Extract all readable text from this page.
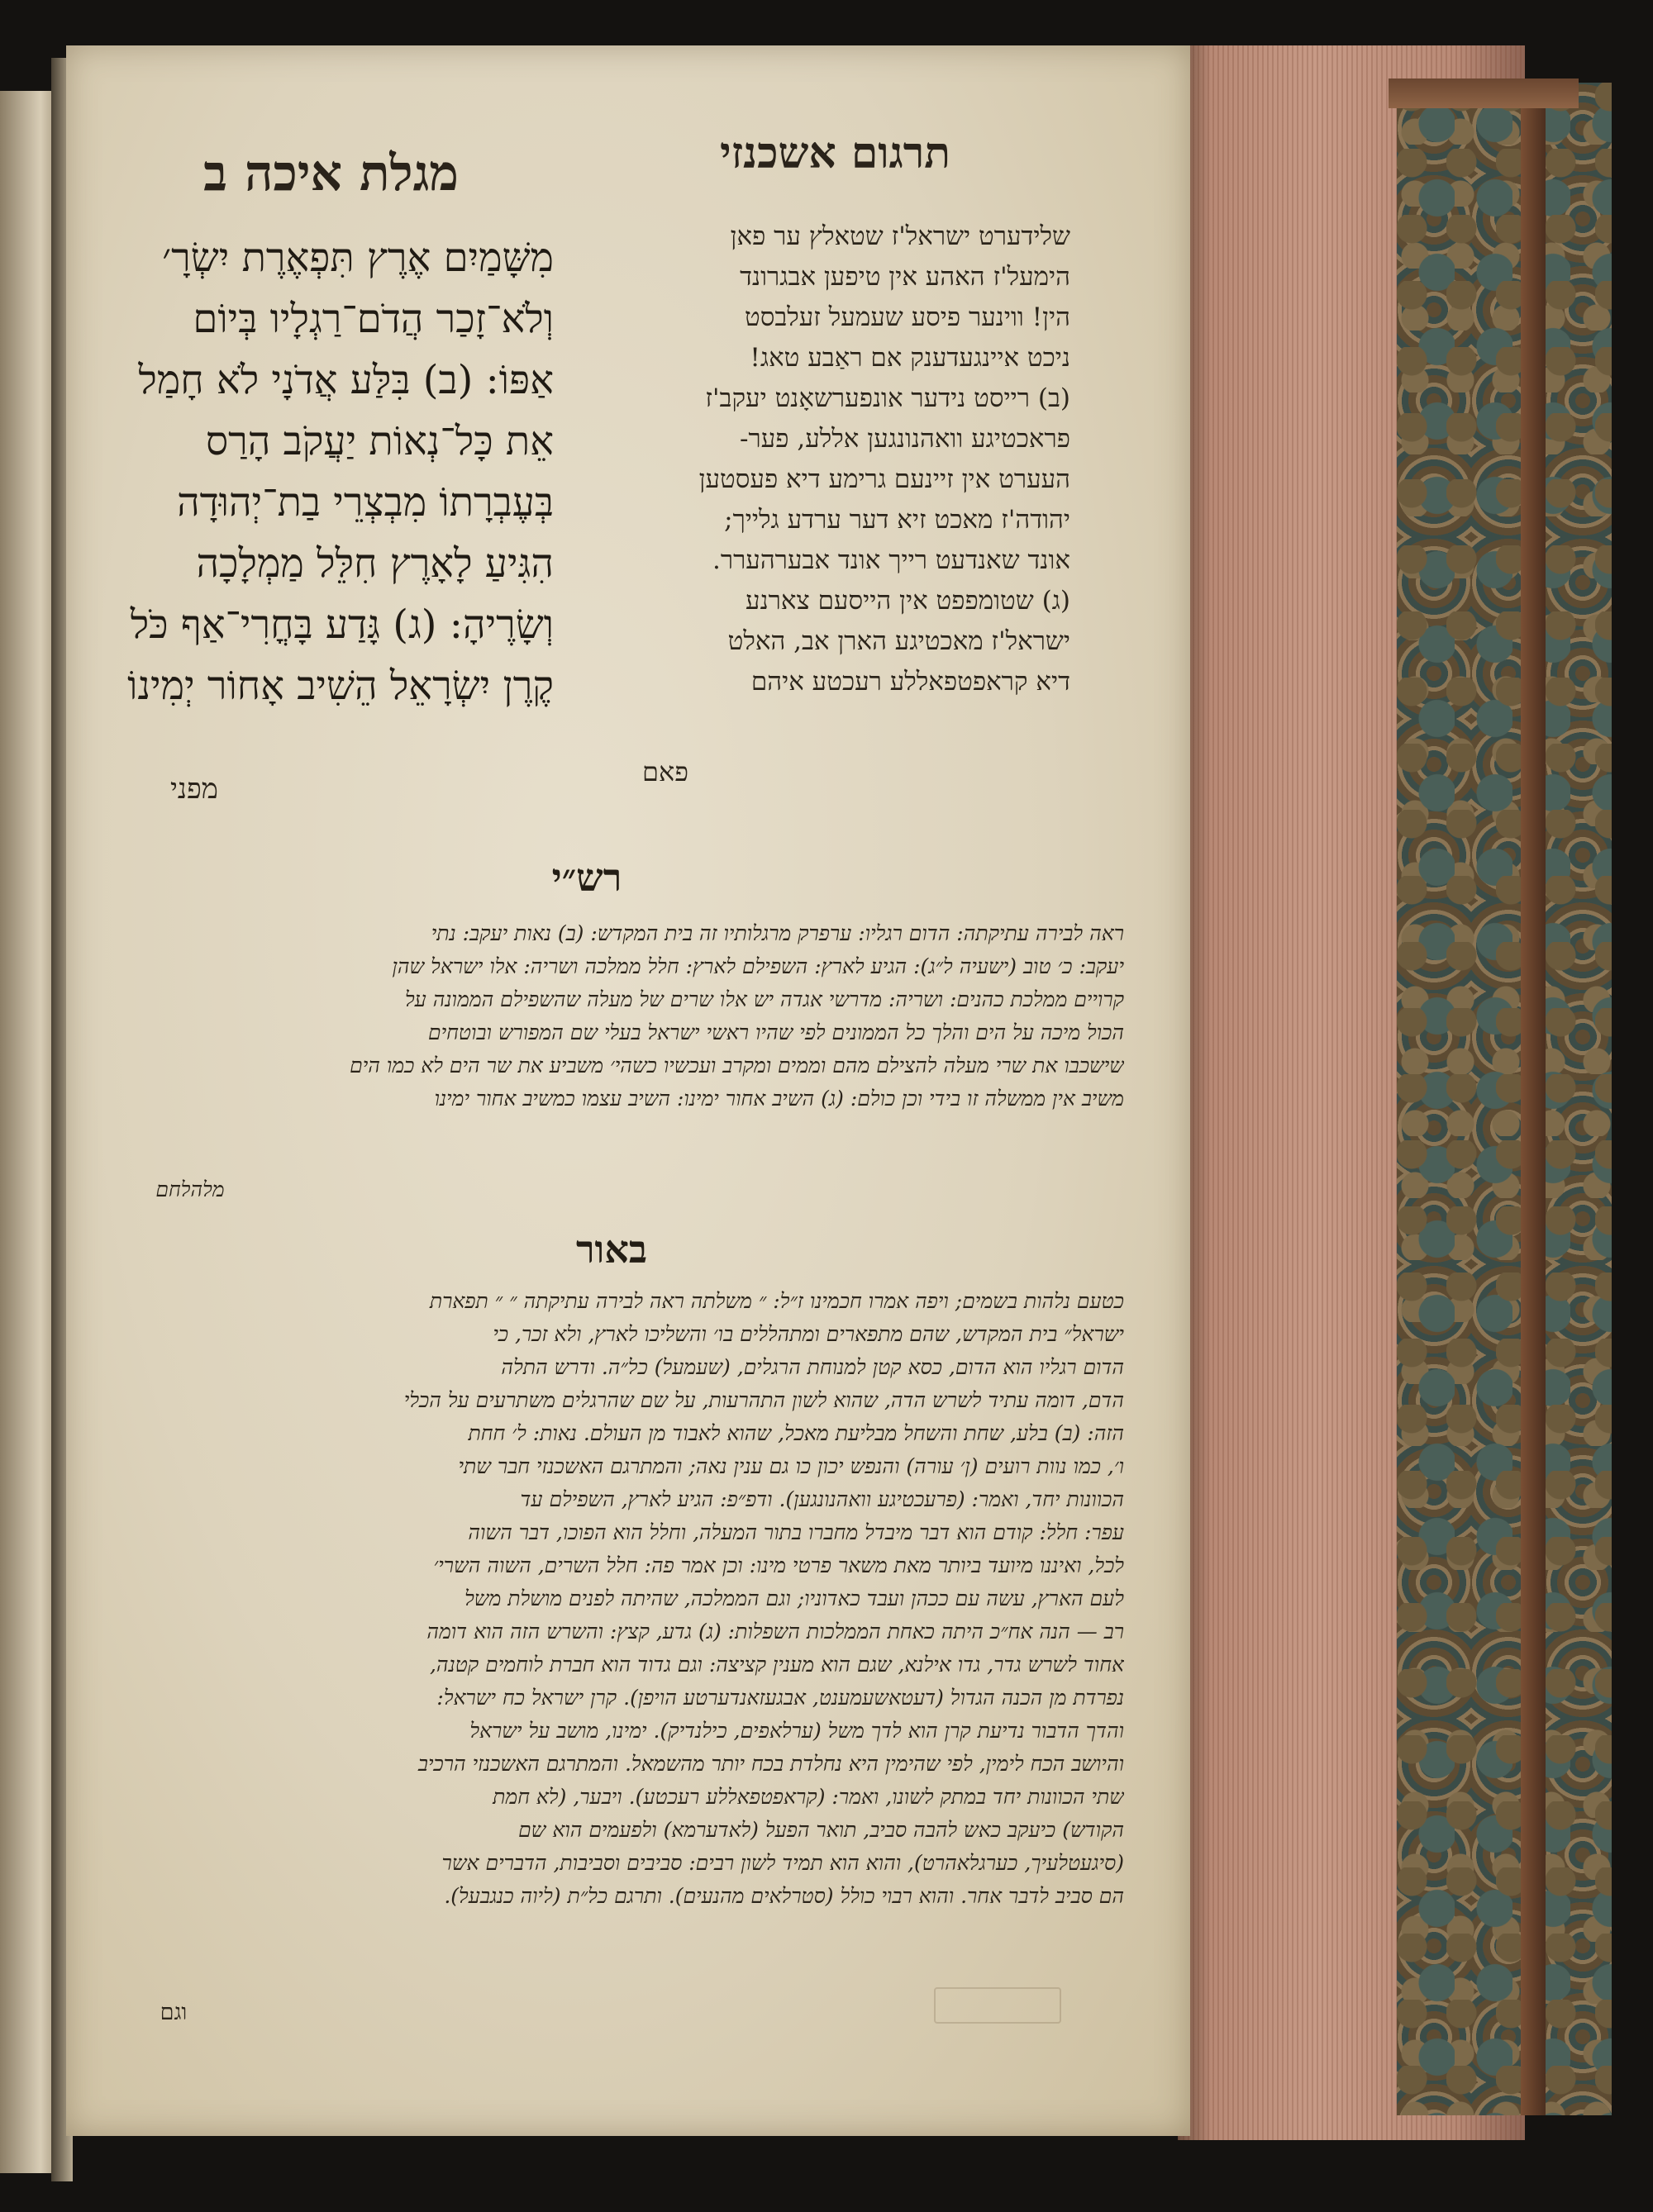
מגלת איכה ב	תרגום אשכנזי
מִשָּׁמַיִם אֶרֶץ תִּפְאֶרֶת יִשְׂרָ׳
וְלֹא־זָכַר הֲדֹם־רַגְלָיו בְּיוֹם
אַפּוֹ: (ב) בִּלַּע אֲדֹנָי לֹא חָמַל
אֵת כָּל־נְאוֹת יַעֲקֹב הָרַס
בְּעֶבְרָתוֹ מִבְצְרֵי בַת־יְהוּדָה
הִגִּיעַ לָאָרֶץ חִלֵּל מַמְלָכָה
וְשָׂרֶיהָ: (ג) גָּדַע בָּחֳרִי־אַף כֹּל
קֶרֶן יִשְׂרָאֵל הֵשִׁיב אָחוֹר יְמִינוֹ
מפני
שלידערט ישראל'ז שטאלץ ער פאן
הימעל'ז האהע אין טיפען אבגרונד
הין! ווינער פיסע שעמעל זעלבסט
ניכט איינגעדענק אם ראַבע טאג!
(ב) רייסט נידער אונפערשאָנט יעקב'ז
פראכטיגע וואהנונגען אללע, פער-
העערט אין זיינעם גרימע דיא פעסטען
יהודה'ז מאכט זיא דער ערדע גלייך;
אונד שאנדעט רייך אונד אבערהערר.
(ג) שטומפפט אין הייסעם צארנע
ישראל'ז מאכטיגע הארן אב, האלט
דיא קראפטפאללע רעכטע איהם
פאם
רש״י
ראה לבירה עתיקתה: הדום רגליו: ערפרק מרגלותיו זה בית המקדש: (ב) נאות יעקב: נתי
יעקב: כ׳ טוב (ישעיה ל״ג): הגיע לארץ: השפילם לארץ: חלל ממלכה ושריה: אלו ישראל שהן
קרויים ממלכת כהנים: ושריה: מדרשי אגדה יש אלו שרים של מעלה שהשפילם הממונה על
הכול מיכה על הים והלך כל הממונים לפי שהיו ראשי ישראל בעלי שם המפורש ובוטחים
שישכבו את שרי מעלה להצילם מהם וממים ומקרב ועכשיו כשהי׳ משביע את שר הים לא כמו הים
משיב אין ממשלה זו בידי וכן כולם: (ג) השיב אחור ימינו: השיב עצמו כמשיב אחור ימינו
מלהלחם
באור
כטעם נלהות בשמים; ויפה אמרו חכמינו ז״ל: ״ משלתה ראה לבירה עתיקתה ״ ״ תפארת
ישראל״ בית המקדש, שהם מתפארים ומתהללים בו׳ והשליכו לארץ, ולא זכר, כי
הדום רגליו הוא הדום, כסא קטן למנוחת הרגלים, (שעמעל) כל״ה. ודרש התלה
הדם, דומה עתיד לשרש הדה, שהוא לשון התהרעות, על שם שהרגלים משתרעים על הכלי
הזה: (ב) בלע, שחת והשחל מבליעת מאכל, שהוא לאבוד מן העולם. נאות: ל׳ חחת
ו׳, כמו נוות רועים (ן׳ עורה) והנפש יכון כו גם ענין נאה; והמתרגם האשכנזי חבר שתי
הכוונות יחד, ואמר: (פרעכטיגע וואהנונגען). ודפ״פ: הגיע לארץ, השפילם עד
עפר: חלל: קודם הוא דבר מיבדל מחברו בתור המעלה, וחלל הוא הפוכו, דבר השוה
לכל, ואיננו מיועד ביותר מאת משאר פרטי מינו: וכן אמר פה: חלל השרים, השוה השרי׳
לעם הארץ, עשה עם ככהן ועבד כאדוניו; וגם הממלכה, שהיתה לפנים מושלת משל
רב — הנה אח״כ היתה כאחת הממלכות השפלות: (ג) גדע, קצץ: והשרש הזה הוא דומה
אחוד לשרש גדר, גדו אילנא, שגם הוא מענין קציצה: וגם גדוד הוא חברת לוחמים קטנה,
נפרדת מן הכנה הגדול (דעטאשעמענט, אבגעזאנדערטע הויפן). קרן ישראל כח ישראל:
והדך הדבור נדיעת קרן הוא לדך משל (ערלאפים, כילנדיק). ימינו, מושב על ישראל
והיושב הכח לימין, לפי שהימין היא נחלדת בכח יותר מהשמאל. והמתרגם האשכנזי הרכיב
שתי הכוונות יחד במתק לשונו, ואמר: (קראפטפאללע רעכטע). ויבער, (לא חמת
הקודש) כיעקב כאש להבה סביב, תואר הפעל (לאדערמא) ולפעמים הוא שם
(סיגעטלעיך, כערגלאהרט), והוא הוא תמיד לשון רבים: סביבים וסביבות, הדברים אשר
הם סביב לדבר אחר. והוא רבוי כולל (סטרלאים מהנעים). ותרגם כל״ת (ליוה כנגבעל).
וגם
